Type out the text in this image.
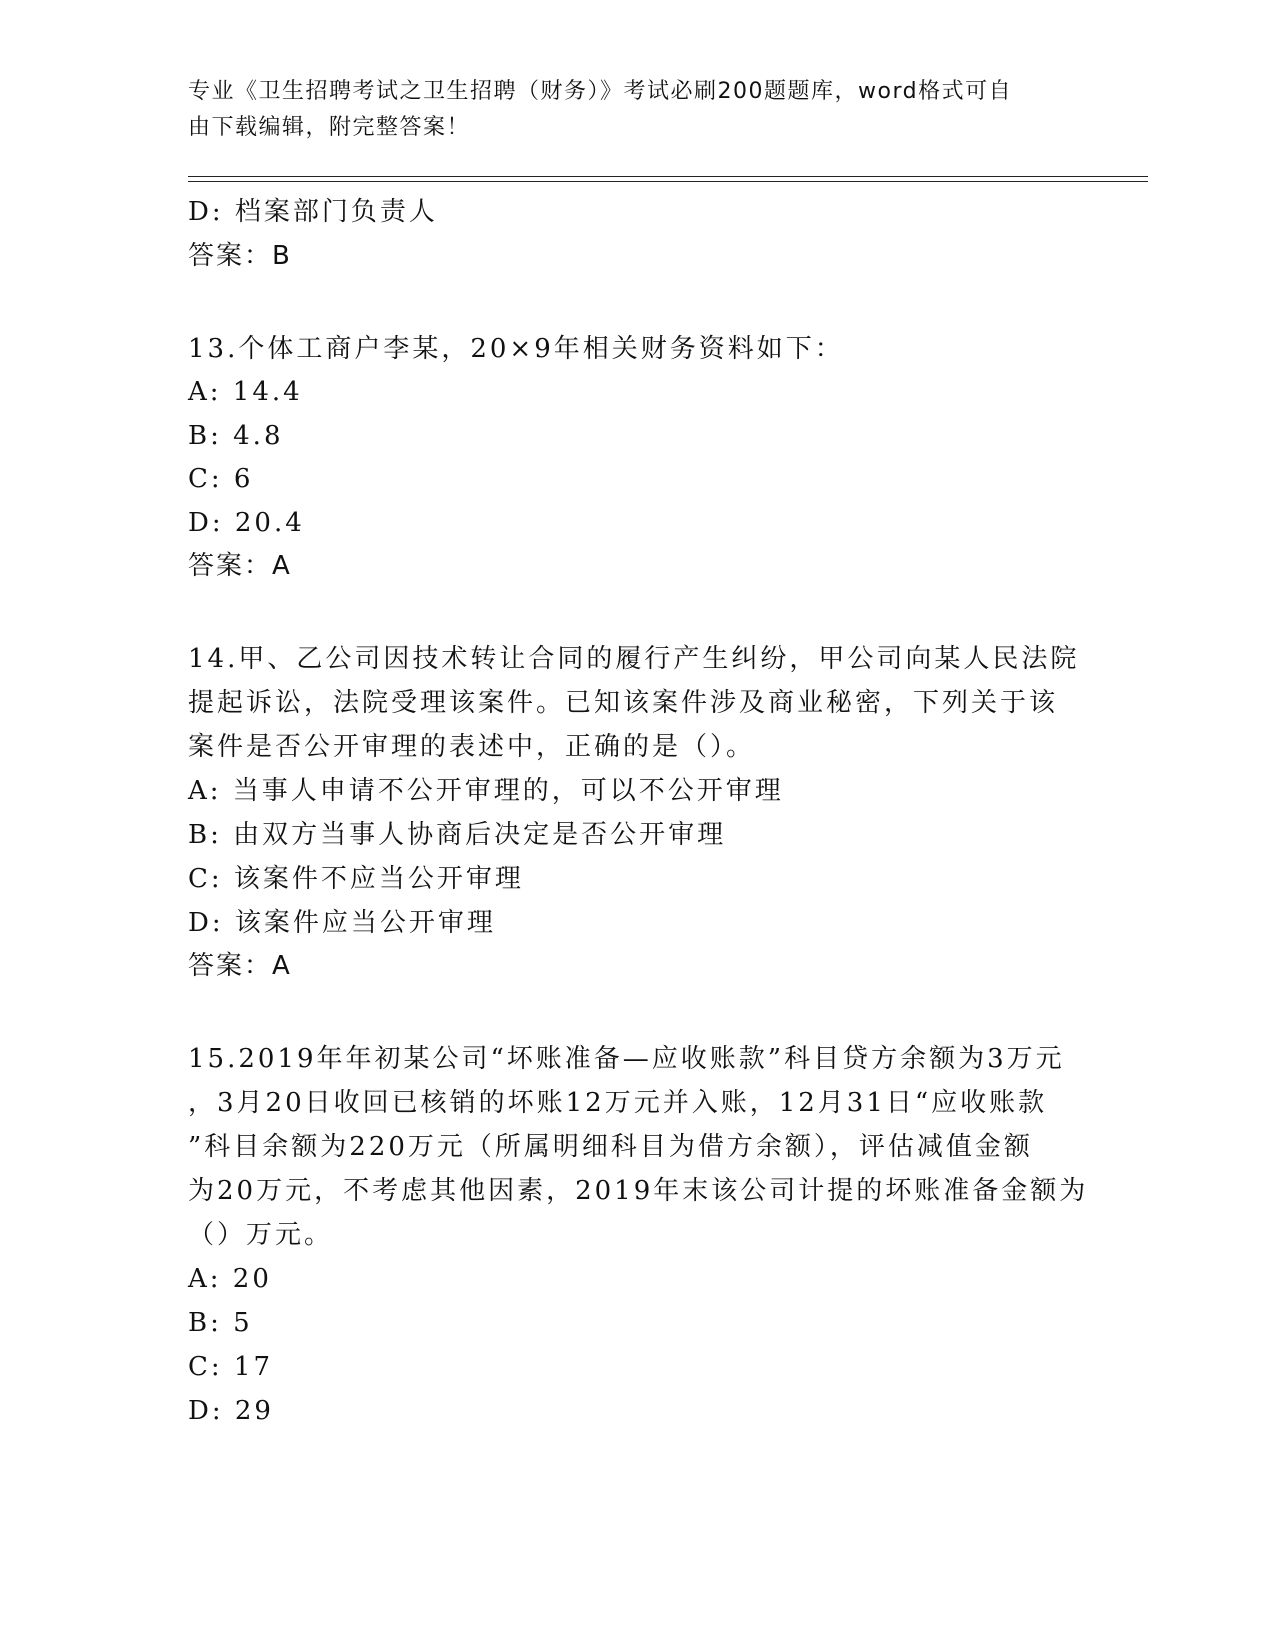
专业《卫生招聘考试之卫生招聘（财务）》考试必刷200题题库，word格式可自
由下载编辑，附完整答案！
D: 档案部门负责人
答案：B
13.个体工商户李某，20×9年相关财务资料如下：
A: 14.4
B: 4.8
C: 6
D: 20.4
答案：A
14.甲、乙公司因技术转让合同的履行产生纠纷，甲公司向某人民法院
提起诉讼，法院受理该案件。已知该案件涉及商业秘密，下列关于该
案件是否公开审理的表述中，正确的是（）。
A: 当事人申请不公开审理的，可以不公开审理
B: 由双方当事人协商后决定是否公开审理
C: 该案件不应当公开审理
D: 该案件应当公开审理
答案：A
15.2019年年初某公司“坏账准备—应收账款”科目贷方余额为3万元
，3月20日收回已核销的坏账12万元并入账，12月31日“应收账款
”科目余额为220万元（所属明细科目为借方余额），评估减值金额
为20万元，不考虑其他因素，2019年末该公司计提的坏账准备金额为
（）万元。
A: 20
B: 5
C: 17
D: 29
